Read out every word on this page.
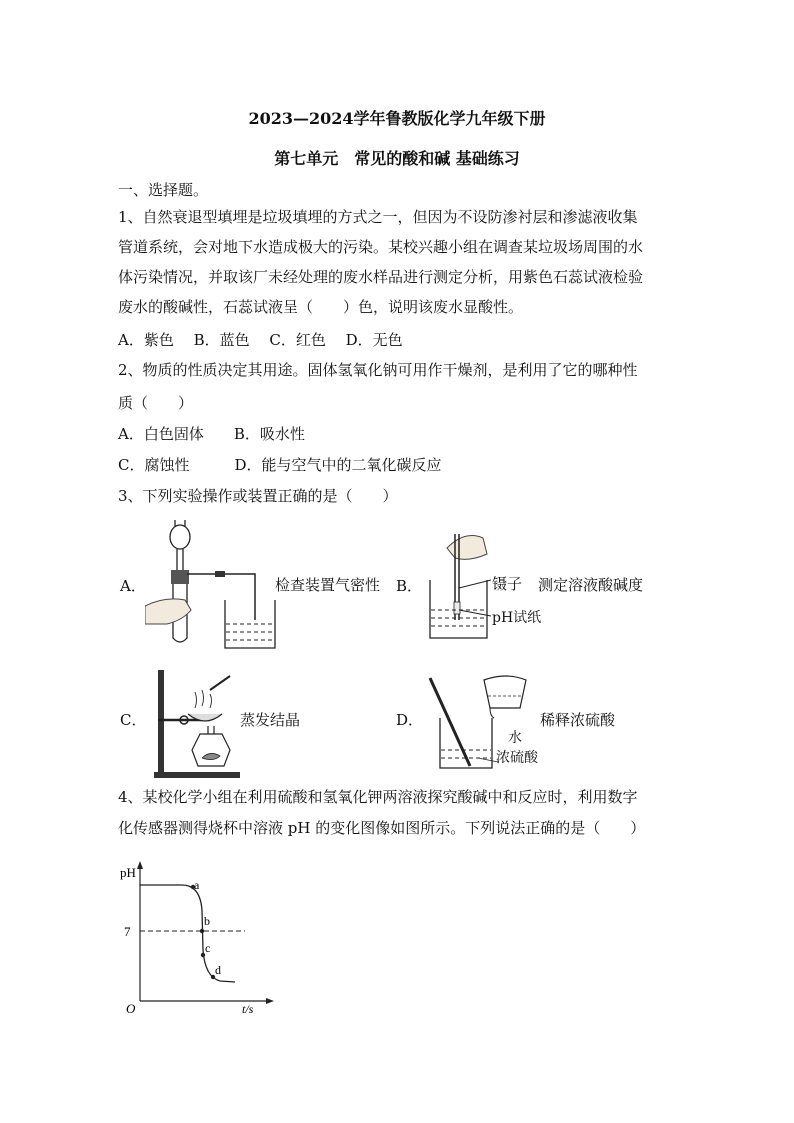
2023—2024学年鲁教版化学九年级下册
第七单元　常见的酸和碱 基础练习
一、选择题。
1、自然衰退型填埋是垃圾填埋的方式之一，但因为不设防渗衬层和渗滤液收集
管道系统，会对地下水造成极大的污染。某校兴趣小组在调查某垃圾场周围的水
体污染情况，并取该厂未经处理的废水样品进行测定分析，用紫色石蕊试液检验
废水的酸碱性，石蕊试液呈（　　）色，说明该废水显酸性。
A．紫色　 B．蓝色　 C．红色　 D．无色
2、物质的性质决定其用途。固体氢氧化钠可用作干燥剂，是利用了它的哪种性
质（　　）
A．白色固体　　B．吸水性
C．腐蚀性　　　D．能与空气中的二氧化碳反应
3、下列实验操作或装置正确的是（　　）
A．	检查装置气密性 B．	镊子 测定溶液酸碱度
pH试纸
C．	蒸发结晶	D．	稀释浓硫酸
水
浓硫酸
4、某校化学小组在利用硫酸和氢氧化钾两溶液探究酸碱中和反应时，利用数字
化传感器测得烧杯中溶液 pH 的变化图像如图所示。下列说法正确的是（　　）
pH
7
O	t/s
a
b
c
d
